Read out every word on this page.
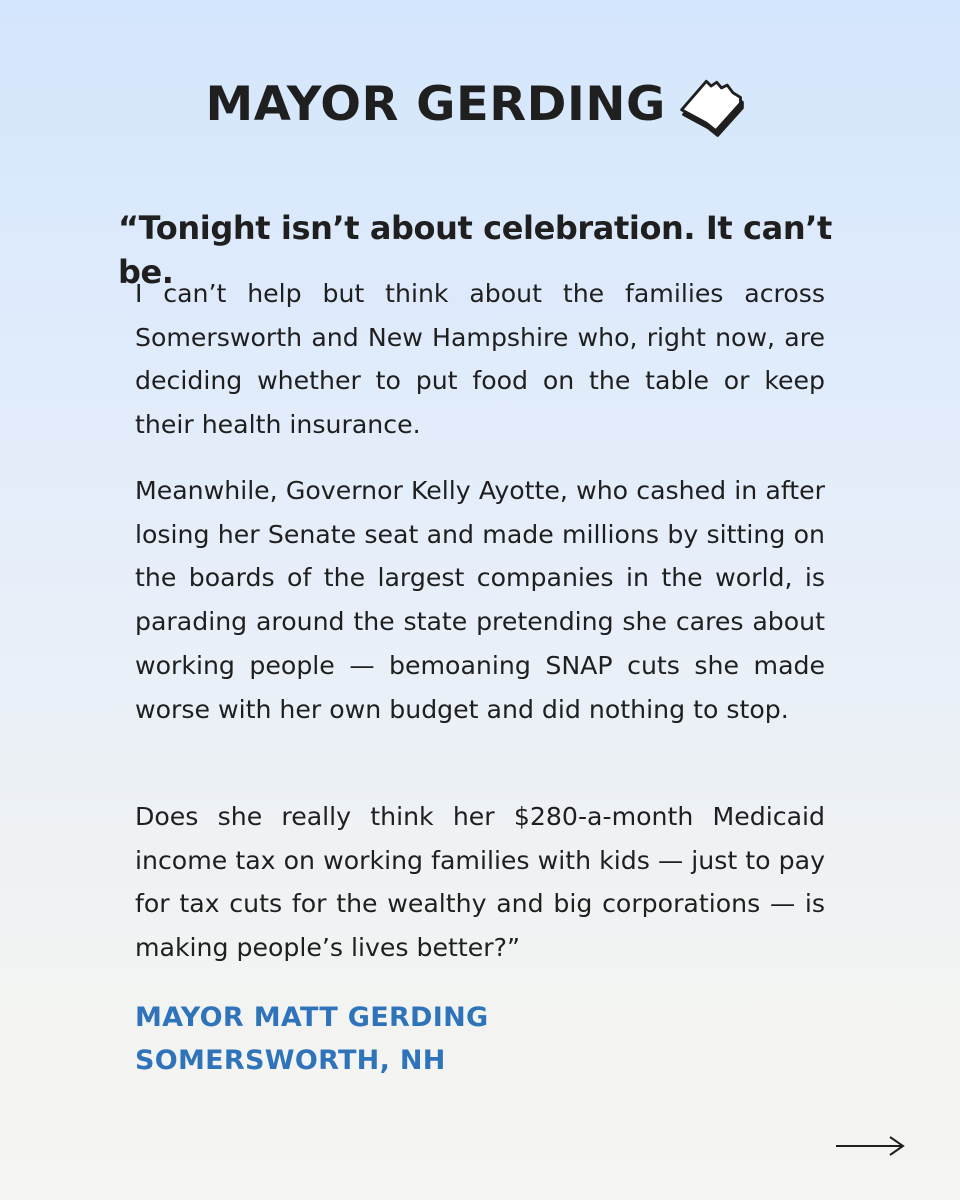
MAYOR GERDING
“Tonight isn’t about celebration. It can’t be.

I can’t help but think about the families across Somersworth and New Hampshire who, right now, are deciding whether to put food on the table or keep their health insurance.

Meanwhile, Governor Kelly Ayotte, who cashed in after losing her Senate seat and made millions by sitting on the boards of the largest companies in the world, is parading around the state pretending she cares about working people — bemoaning SNAP cuts she made worse with her own budget and did nothing to stop.

Does she really think her $280-a-month Medicaid income tax on working families with kids — just to pay for tax cuts for the wealthy and big corporations — is making people’s lives better?”

MAYOR MATT GERDING
SOMERSWORTH, NH
